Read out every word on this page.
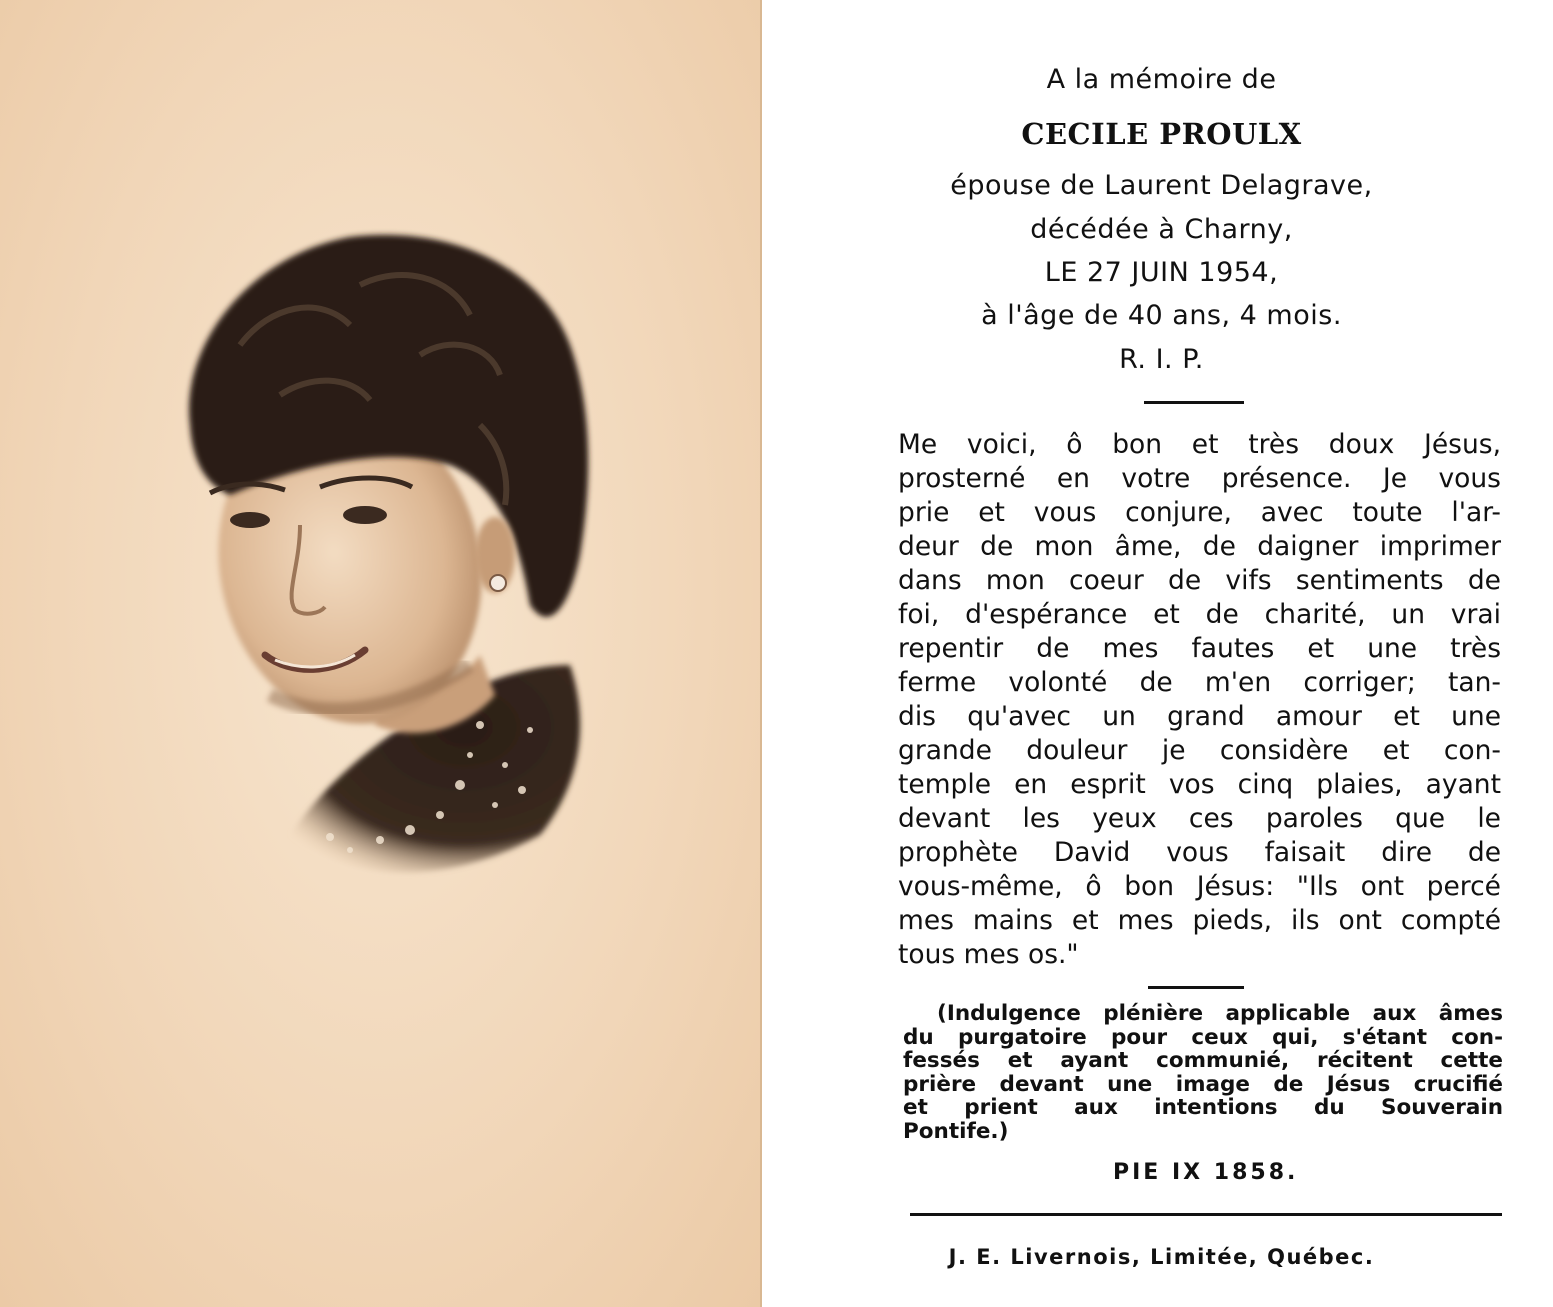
A la mémoire de
CECILE PROULX
épouse de Laurent Delagrave,
décédée à Charny,
LE 27 JUIN 1954,
à l'âge de 40 ans, 4 mois.
R. I. P.
Me voici, ô bon et très doux Jésus,
prosterné en votre présence. Je vous
prie et vous conjure, avec toute l'ar-
deur de mon âme, de daigner imprimer
dans mon coeur de vifs sentiments de
foi, d'espérance et de charité, un vrai
repentir de mes fautes et une très
ferme volonté de m'en corriger; tan-
dis qu'avec un grand amour et une
grande douleur je considère et con-
temple en esprit vos cinq plaies, ayant
devant les yeux ces paroles que le
prophète David vous faisait dire de
vous-même, ô bon Jésus: "Ils ont percé
mes mains et mes pieds, ils ont compté
tous mes os."
(Indulgence plénière applicable aux âmes
du purgatoire pour ceux qui, s'étant con-
fessés et ayant communié, récitent cette
prière devant une image de Jésus crucifié
et prient aux intentions du Souverain
Pontife.)
PIE IX 1858.
J. E. Livernois, Limitée, Québec.
